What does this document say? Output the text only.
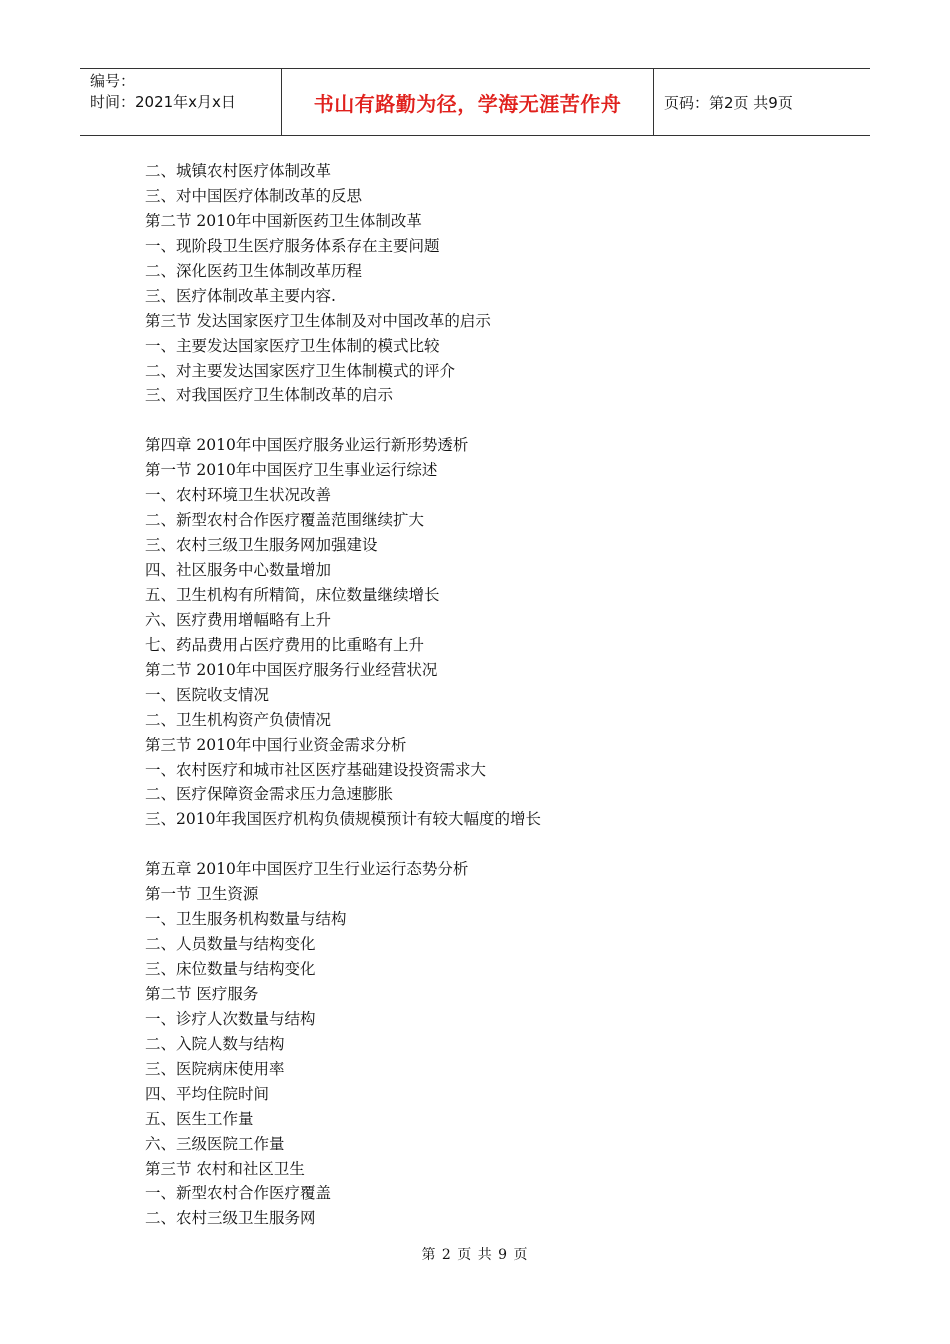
编号：
时间：2021年x月x日	书山有路勤为径，学海无涯苦作舟	页码：第2页 共9页
二、城镇农村医疗体制改革
三、对中国医疗体制改革的反思
第二节 2010年中国新医药卫生体制改革
一、现阶段卫生医疗服务体系存在主要问题
二、深化医药卫生体制改革历程
三、医疗体制改革主要内容.
第三节 发达国家医疗卫生体制及对中国改革的启示
一、主要发达国家医疗卫生体制的模式比较
二、对主要发达国家医疗卫生体制模式的评介
三、对我国医疗卫生体制改革的启示
第四章 2010年中国医疗服务业运行新形势透析
第一节 2010年中国医疗卫生事业运行综述
一、农村环境卫生状况改善
二、新型农村合作医疗覆盖范围继续扩大
三、农村三级卫生服务网加强建设
四、社区服务中心数量增加
五、卫生机构有所精简，床位数量继续增长
六、医疗费用增幅略有上升
七、药品费用占医疗费用的比重略有上升
第二节 2010年中国医疗服务行业经营状况
一、医院收支情况
二、卫生机构资产负债情况
第三节 2010年中国行业资金需求分析
一、农村医疗和城市社区医疗基础建设投资需求大
二、医疗保障资金需求压力急速膨胀
三、2010年我国医疗机构负债规模预计有较大幅度的增长
第五章 2010年中国医疗卫生行业运行态势分析
第一节 卫生资源
一、卫生服务机构数量与结构
二、人员数量与结构变化
三、床位数量与结构变化
第二节 医疗服务
一、诊疗人次数量与结构
二、入院人数与结构
三、医院病床使用率
四、平均住院时间
五、医生工作量
六、三级医院工作量
第三节 农村和社区卫生
一、新型农村合作医疗覆盖
二、农村三级卫生服务网
第 2 页 共 9 页
